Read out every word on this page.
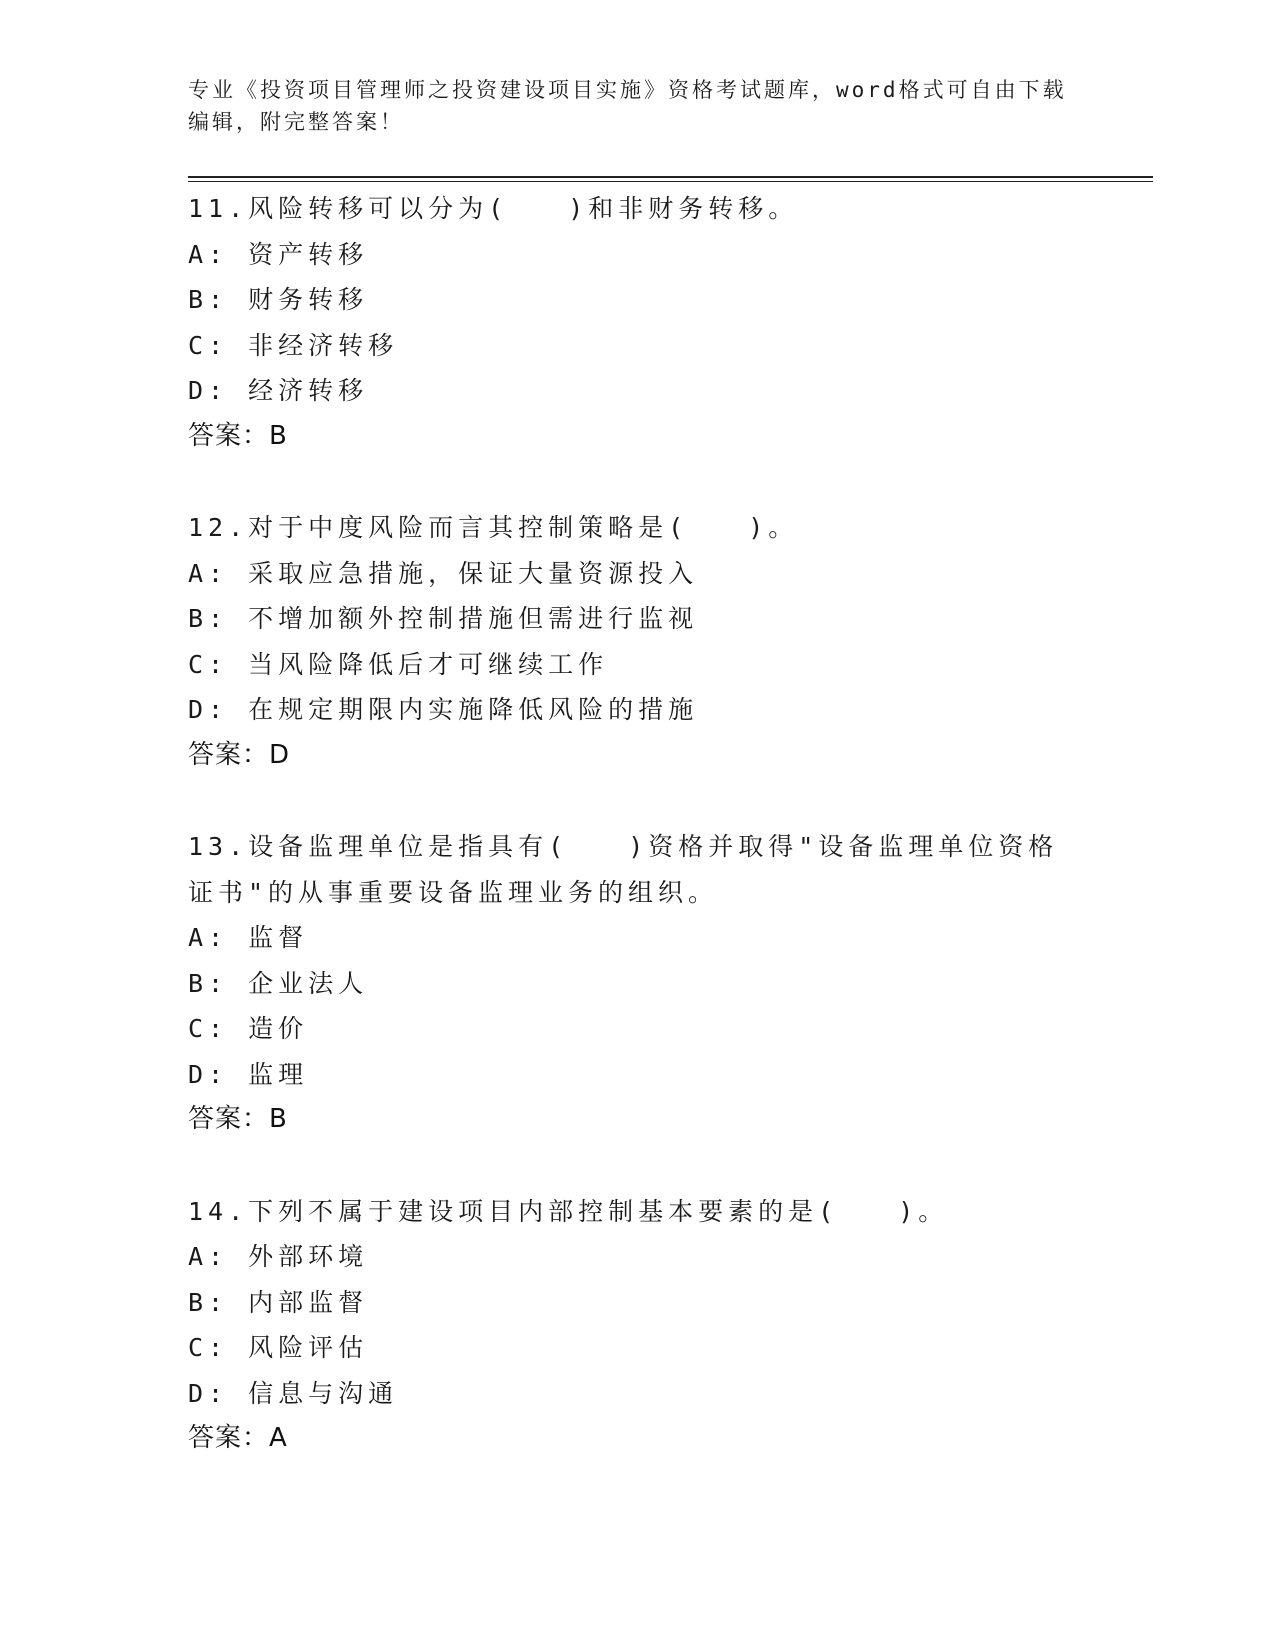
专业《投资项目管理师之投资建设项目实施》资格考试题库，word格式可自由下载编辑，附完整答案！
11.风险转移可以分为(　　)和非财务转移。
A: 资产转移
B: 财务转移
C: 非经济转移
D: 经济转移
答案：B
12.对于中度风险而言其控制策略是(　　)。
A: 采取应急措施，保证大量资源投入
B: 不增加额外控制措施但需进行监视
C: 当风险降低后才可继续工作
D: 在规定期限内实施降低风险的措施
答案：D
13.设备监理单位是指具有(　　)资格并取得"设备监理单位资格证书"的从事重要设备监理业务的组织。
A: 监督
B: 企业法人
C: 造价
D: 监理
答案：B
14.下列不属于建设项目内部控制基本要素的是(　　)。
A: 外部环境
B: 内部监督
C: 风险评估
D: 信息与沟通
答案：A
